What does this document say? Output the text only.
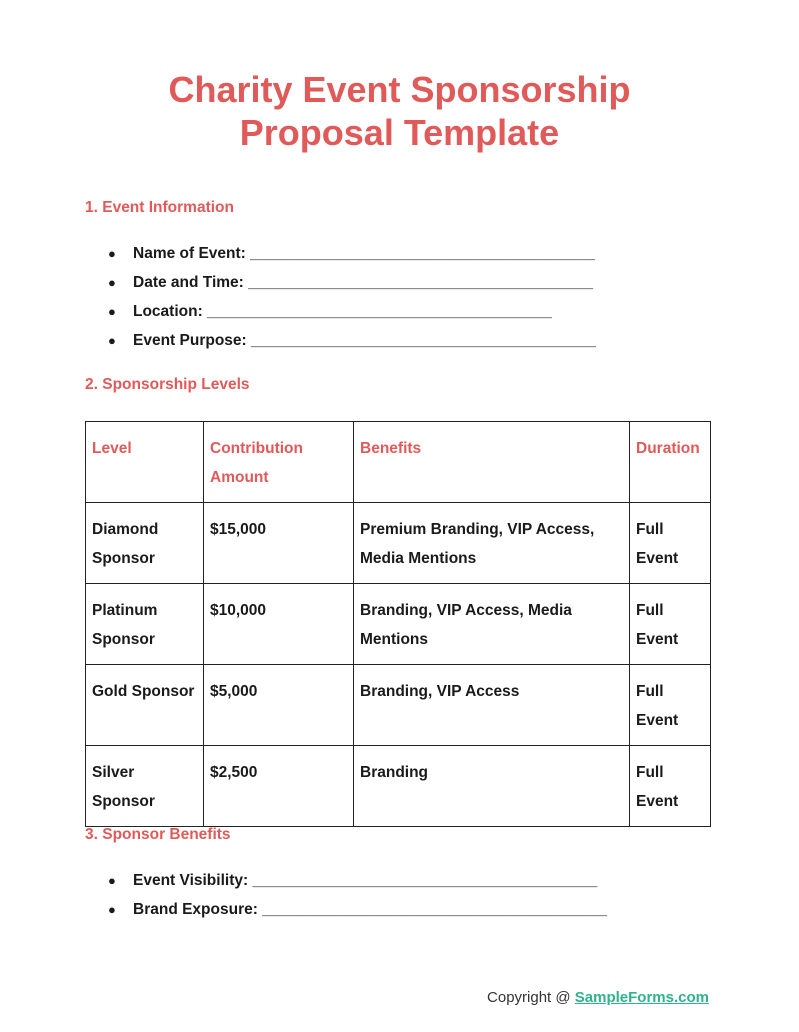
Charity Event Sponsorship
Proposal Template
1. Event Information
● Name of Event: ________________________________________
● Date and Time: ________________________________________
● Location: ________________________________________
● Event Purpose: ________________________________________
2. Sponsorship Levels
Level	Contribution Amount	Benefits	Duration
Diamond Sponsor	$15,000	Premium Branding, VIP Access, Media Mentions	Full Event
Platinum Sponsor	$10,000	Branding, VIP Access, Media Mentions	Full Event
Gold Sponsor	$5,000	Branding, VIP Access	Full Event
Silver Sponsor	$2,500	Branding	Full Event
3. Sponsor Benefits
● Event Visibility: ________________________________________
● Brand Exposure: ________________________________________
Copyright @ SampleForms.com
